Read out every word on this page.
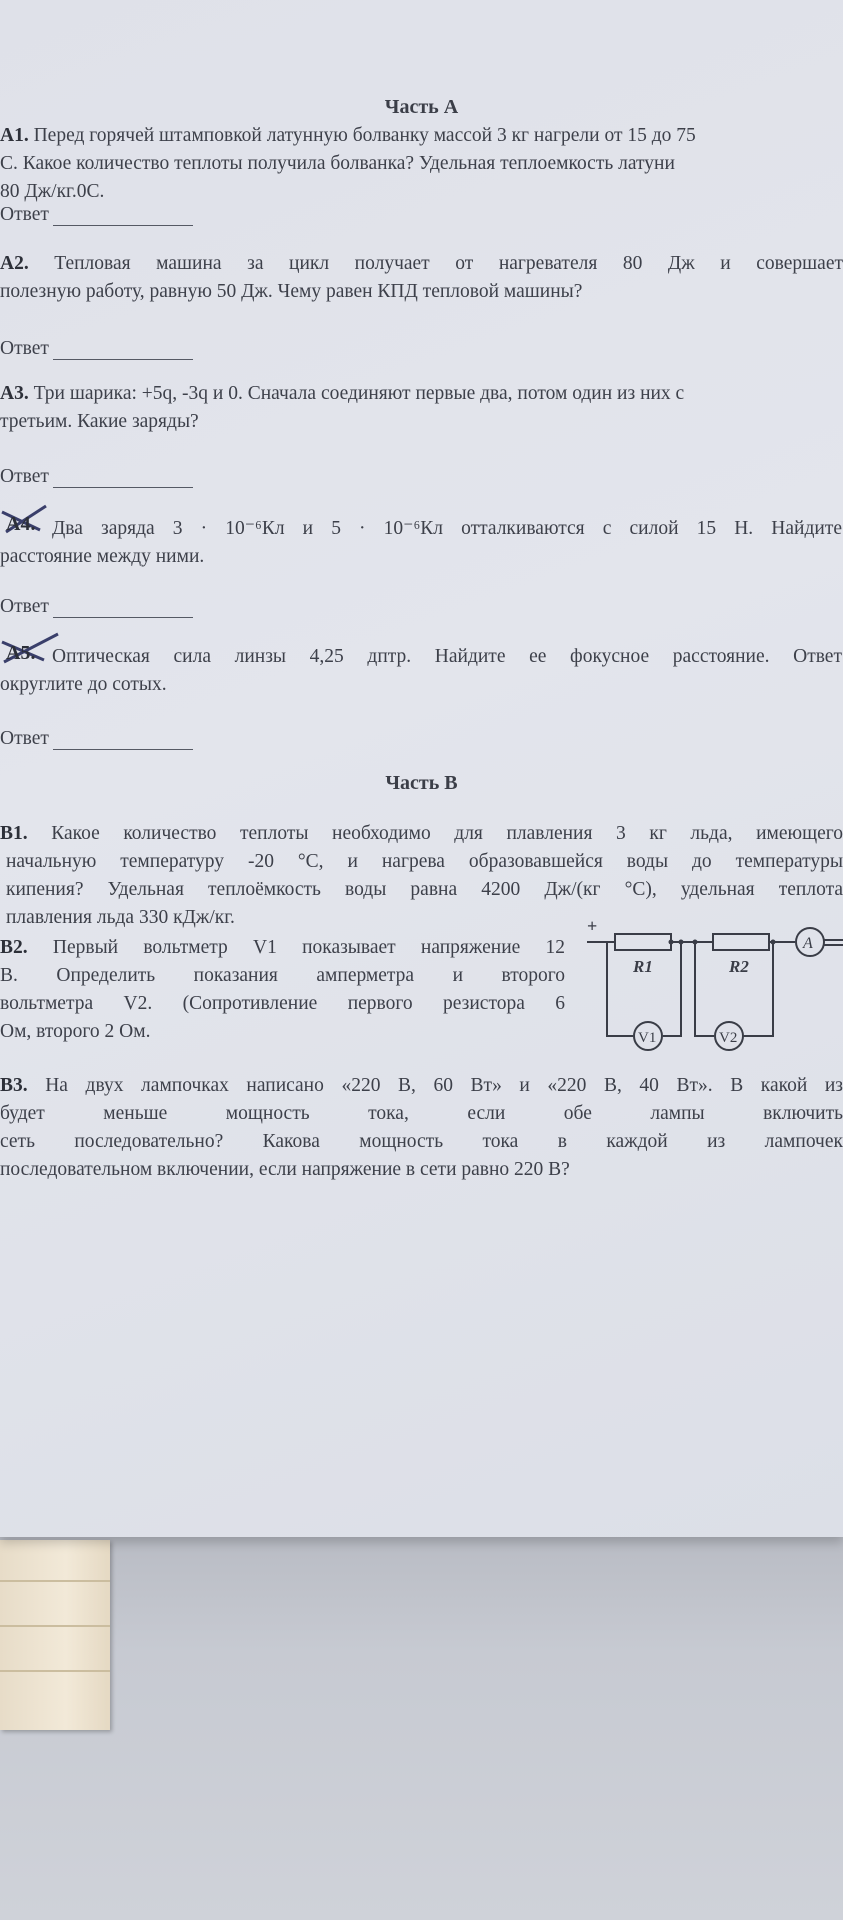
Часть А

А1. Перед горячей штамповкой латунную болванку массой 3 кг нагрели от 15 до 75

С. Какое количество теплоты получила болванка? Удельная теплоемкость латуни

80 Дж/кг.0С.

Ответ

А2. Тепловая машина за цикл получает от нагревателя 80 Дж и совершает

полезную работу, равную 50 Дж. Чему равен КПД тепловой машины?

Ответ

А3. Три шарика: +5q, -3q и 0. Сначала соединяют первые два, потом один из них с

третьим. Какие заряды?

Ответ
А4. Два заряда 3 · 10⁻⁶Кл и 5 · 10⁻⁶Кл отталкиваются с силой 15 Н. Найдите

расстояние между ними.

Ответ
А5. Оптическая сила линзы 4,25 дптр. Найдите ее фокусное расстояние. Ответ

округлите до сотых.

Ответ
Часть В

В1. Какое количество теплоты необходимо для плавления 3 кг льда, имеющего

начальную температуру -20 °С, и нагрева образовавшейся воды до температуры

кипения? Удельная теплоёмкость воды равна 4200 Дж/(кг °С), удельная теплота

плавления льда 330 кДж/кг.

В2. Первый вольтметр V1 показывает напряжение 12

В. Определить показания амперметра и второго

вольтметра V2. (Сопротивление первого резистора 6

Ом, второго 2 Ом.

+
R1	R2
V1	V2
A

В3. На двух лампочках написано «220 В, 60 Вт» и «220 В, 40 Вт». В какой из

будет меньше мощность тока, если обе лампы включить

сеть последовательно? Какова мощность тока в каждой из лампочек

последовательном включении, если напряжение в сети равно 220 В?
